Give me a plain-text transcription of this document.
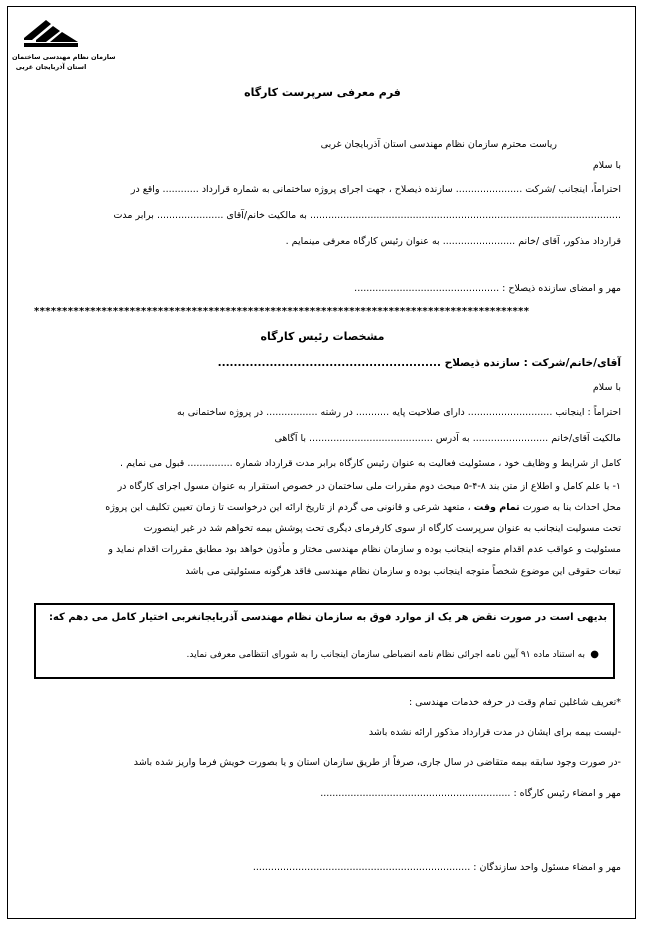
سازمان نظام مهندسی ساختمان
استان آذربایجان غربی
فرم معرفی سرپرست کارگاه
ریاست محترم سازمان نظام مهندسی استان آذربایجان غربی
با سلام
احتراماً، اینجانب /شرکت ...................... سازنده ذیصلاح ، جهت اجرای پروژه ساختمانی به شماره قرارداد ............ واقع در
....................................................................................................... به مالکیت خانم/آقای ...................... برابر مدت
قرارداد مذکور، آقای /خانم ........................ به عنوان رئیس کارگاه معرفی مینمایم .
مهر و امضای سازنده ذیصلاح : ................................................
****************************************************************************************
مشخصات رئیس کارگاه
آقای/خانم/شرکت : سازنده ذیصلاح ........................................................
با سلام
احتراماً : اینجانب ............................ دارای صلاحیت پایه ........... در رشته ................. در پروژه ساختمانی به
مالکیت آقای/خانم ......................... به آدرس ......................................... با آگاهی
کامل از شرایط و وظایف خود ، مسئولیت فعالیت به عنوان رئیس کارگاه برابر مدت قرارداد شماره ............... قبول می نمایم .
۱- با علم کامل و اطلاع از متن بند ۸-۴-۵ مبحث دوم مقررات ملی ساختمان در خصوص استقرار به عنوان مسول اجرای کارگاه در
محل احداث بنا به صورت تمام وقت ، متعهد شرعی و قانونی می گردم از تاریخ ارائه این درخواست تا زمان تعیین تکلیف این پروژه
تحت مسولیت اینجانب به عنوان سرپرست کارگاه از سوی کارفرمای دیگری تحت پوشش بیمه تخواهم شد در غیر اینصورت
مسئولیت و عواقب عدم اقدام متوجه اینجانب بوده و سازمان نظام مهندسی مختار و مأذون خواهد بود مطابق مقررات اقدام نماید و
تبعات حقوقی این موضوع شخصاً متوجه اینجانب بوده و سازمان نظام مهندسی فاقد هرگونه مسئولیتی می باشد
بدیهی است در صورت نقض هر یک از موارد فوق به سازمان نظام مهندسی آذربایجانغربی اختیار کامل می دهم که:
●
به استناد ماده ۹۱ آیین نامه اجرائی نظام نامه انضباطی سازمان اینجانب را به شورای انتظامی معرفی نماید.
*تعریف شاغلین تمام وقت در حرفه خدمات مهندسی :
-لیست بیمه برای ایشان در مدت قرارداد مذکور ارائه نشده باشد
-در صورت وجود سابقه بیمه متقاضی در سال جاری، صرفاً از طریق سازمان استان و یا بصورت خویش فرما واریز شده باشد
مهر و امضاء رئیس کارگاه : ...............................................................
مهر و امضاء مسئول واحد سازندگان : ........................................................................
